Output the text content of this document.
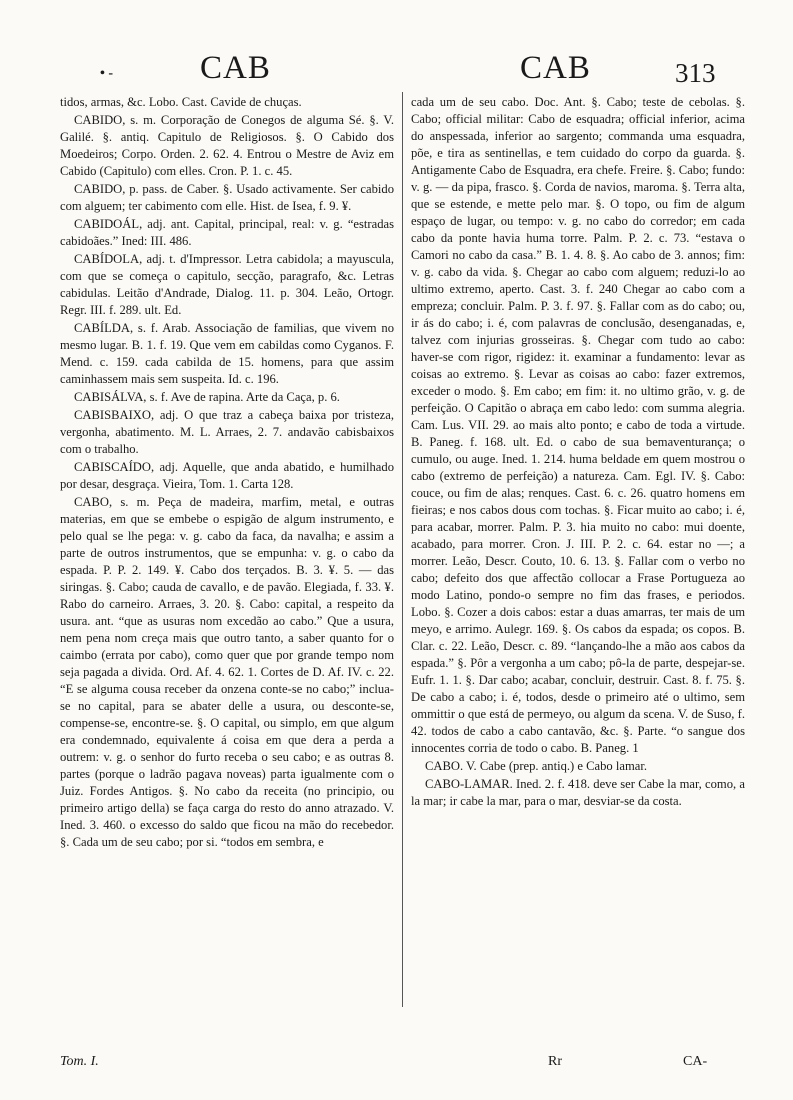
• -	CAB	CAB	313

tidos, armas, &c. Lobo. Cast. Cavide de chuças.

CABIDO, s. m. Corporação de Conegos de alguma Sé. §. V. Galilé. §. antiq. Capitulo de Religiosos. §. O Cabido dos Moedeiros; Corpo. Orden. 2. 62. 4. Entrou o Mestre de Aviz em Cabido (Capitulo) com elles. Cron. P. 1. c. 45.

CABIDO, p. pass. de Caber. §. Usado activamente. Ser cabido com alguem; ter cabimento com elle. Hist. de Isea, f. 9. ¥.

CABIDOÁL, adj. ant. Capital, principal, real: v. g. “estradas cabidoães.” Ined: III. 486.

CABÍDOLA, adj. t. d'Impressor. Letra cabidola; a mayuscula, com que se começa o capitulo, secção, paragrafo, &c. Letras cabidulas. Leitão d'Andrade, Dialog. 11. p. 304. Leão, Ortogr. Regr. III. f. 289. ult. Ed.

CABÍLDA, s. f. Arab. Associação de familias, que vivem no mesmo lugar. B. 1. f. 19. Que vem em cabildas como Cyganos. F. Mend. c. 159. cada cabilda de 15. homens, para que assim caminhassem mais sem suspeita. Id. c. 196.

CABISÁLVA, s. f. Ave de rapina. Arte da Caça, p. 6.

CABISBAIXO, adj. O que traz a cabeça baixa por tristeza, vergonha, abatimento. M. L. Arraes, 2. 7. andavão cabisbaixos com o trabalho.

CABISCAÍDO, adj. Aquelle, que anda abatido, e humilhado por desar, desgraça. Vieira, Tom. 1. Carta 128.

CABO, s. m. Peça de madeira, marfim, metal, e outras materias, em que se embebe o espigão de algum instrumento, e pelo qual se lhe pega: v. g. cabo da faca, da navalha; e assim a parte de outros instrumentos, que se empunha: v. g. o cabo da espada. P. P. 2. 149. ¥. Cabo dos terçados. B. 3. ¥. 5. — das siringas. §. Cabo; cauda de cavallo, e de pavão. Elegiada, f. 33. ¥. Rabo do carneiro. Arraes, 3. 20. §. Cabo: capital, a respeito da usura. ant. “que as usuras nom excedão ao cabo.” Que a usura, nem pena nom creça mais que outro tanto, a saber quanto for o caimbo (errata por cabo), como quer que por grande tempo nom seja pagada a divida. Ord. Af. 4. 62. 1. Cortes de D. Af. IV. c. 22. “E se alguma cousa receber da onzena conte-se no cabo;” inclua-se no capital, para se abater delle a usura, ou desconte-se, compense-se, encontre-se. §. O capital, ou simplo, em que algum era condemnado, equivalente á coisa em que dera a perda a outrem: v. g. o senhor do furto receba o seu cabo; e as outras 8. partes (porque o ladrão pagava noveas) parta igualmente com o Juiz. Fordes Antigos. §. No cabo da receita (no principio, ou primeiro artigo della) se faça carga do resto do anno atrazado. V. Ined. 3. 460. o excesso do saldo que ficou na mão do recebedor. §. Cada um de seu cabo; por si. “todos em sembra, e

cada um de seu cabo. Doc. Ant. §. Cabo; teste de cebolas. §. Cabo; official militar: Cabo de esquadra; official inferior, acima do anspessada, inferior ao sargento; commanda uma esquadra, põe, e tira as sentinellas, e tem cuidado do corpo da guarda. §. Antigamente Cabo de Esquadra, era chefe. Freire. §. Cabo; fundo: v. g. — da pipa, frasco. §. Corda de navios, maroma. §. Terra alta, que se estende, e mette pelo mar. §. O topo, ou fim de algum espaço de lugar, ou tempo: v. g. no cabo do corredor; em cada cabo da ponte havia huma torre. Palm. P. 2. c. 73. “estava o Camori no cabo da casa.” B. 1. 4. 8. §. Ao cabo de 3. annos; fim: v. g. cabo da vida. §. Chegar ao cabo com alguem; reduzi-lo ao ultimo extremo, aperto. Cast. 3. f. 240 Chegar ao cabo com a empreza; concluir. Palm. P. 3. f. 97. §. Fallar com as do cabo; ou, ir ás do cabo; i. é, com palavras de conclusão, desenganadas, e, talvez com injurias grosseiras. §. Chegar com tudo ao cabo: haver-se com rigor, rigidez: it. examinar a fundamento: levar as coisas ao extremo. §. Levar as coisas ao cabo: fazer extremos, exceder o modo. §. Em cabo; em fim: it. no ultimo grão, v. g. de perfeição. O Capitão o abraça em cabo ledo: com summa alegria. Cam. Lus. VII. 29. ao mais alto ponto; e cabo de toda a virtude. B. Paneg. f. 168. ult. Ed. o cabo de sua bemaventurança; o cumulo, ou auge. Ined. 1. 214. huma beldade em quem mostrou o cabo (extremo de perfeição) a natureza. Cam. Egl. IV. §. Cabo: couce, ou fim de alas; renques. Cast. 6. c. 26. quatro homens em fieiras; e nos cabos dous com tochas. §. Ficar muito ao cabo; i. é, para acabar, morrer. Palm. P. 3. hia muito no cabo: mui doente, acabado, para morrer. Cron. J. III. P. 2. c. 64. estar no —; a morrer. Leão, Descr. Couto, 10. 6. 13. §. Fallar com o verbo no cabo; defeito dos que affectão collocar a Frase Portugueza ao modo Latino, pondo-o sempre no fim das frases, e periodos. Lobo. §. Cozer a dois cabos: estar a duas amarras, ter mais de um meyo, e arrimo. Aulegr. 169. §. Os cabos da espada; os copos. B. Clar. c. 22. Leão, Descr. c. 89. “lançando-lhe a mão aos cabos da espada.” §. Pôr a vergonha a um cabo; pô-la de parte, despejar-se. Eufr. 1. 1. §. Dar cabo; acabar, concluir, destruir. Cast. 8. f. 75. §. De cabo a cabo; i. é, todos, desde o primeiro até o ultimo, sem ommittir o que está de permeyo, ou algum da scena. V. de Suso, f. 42. todos de cabo a cabo cantavão, &c. §. Parte. “o sangue dos innocentes corria de todo o cabo. B. Paneg. 1

CABO. V. Cabe (prep. antiq.) e Cabo lamar.

CABO-LAMAR. Ined. 2. f. 418. deve ser Cabe la mar, como, a la mar; ir cabe la mar, para o mar, desviar-se da costa.

Tom. I.	Rr	CA-
